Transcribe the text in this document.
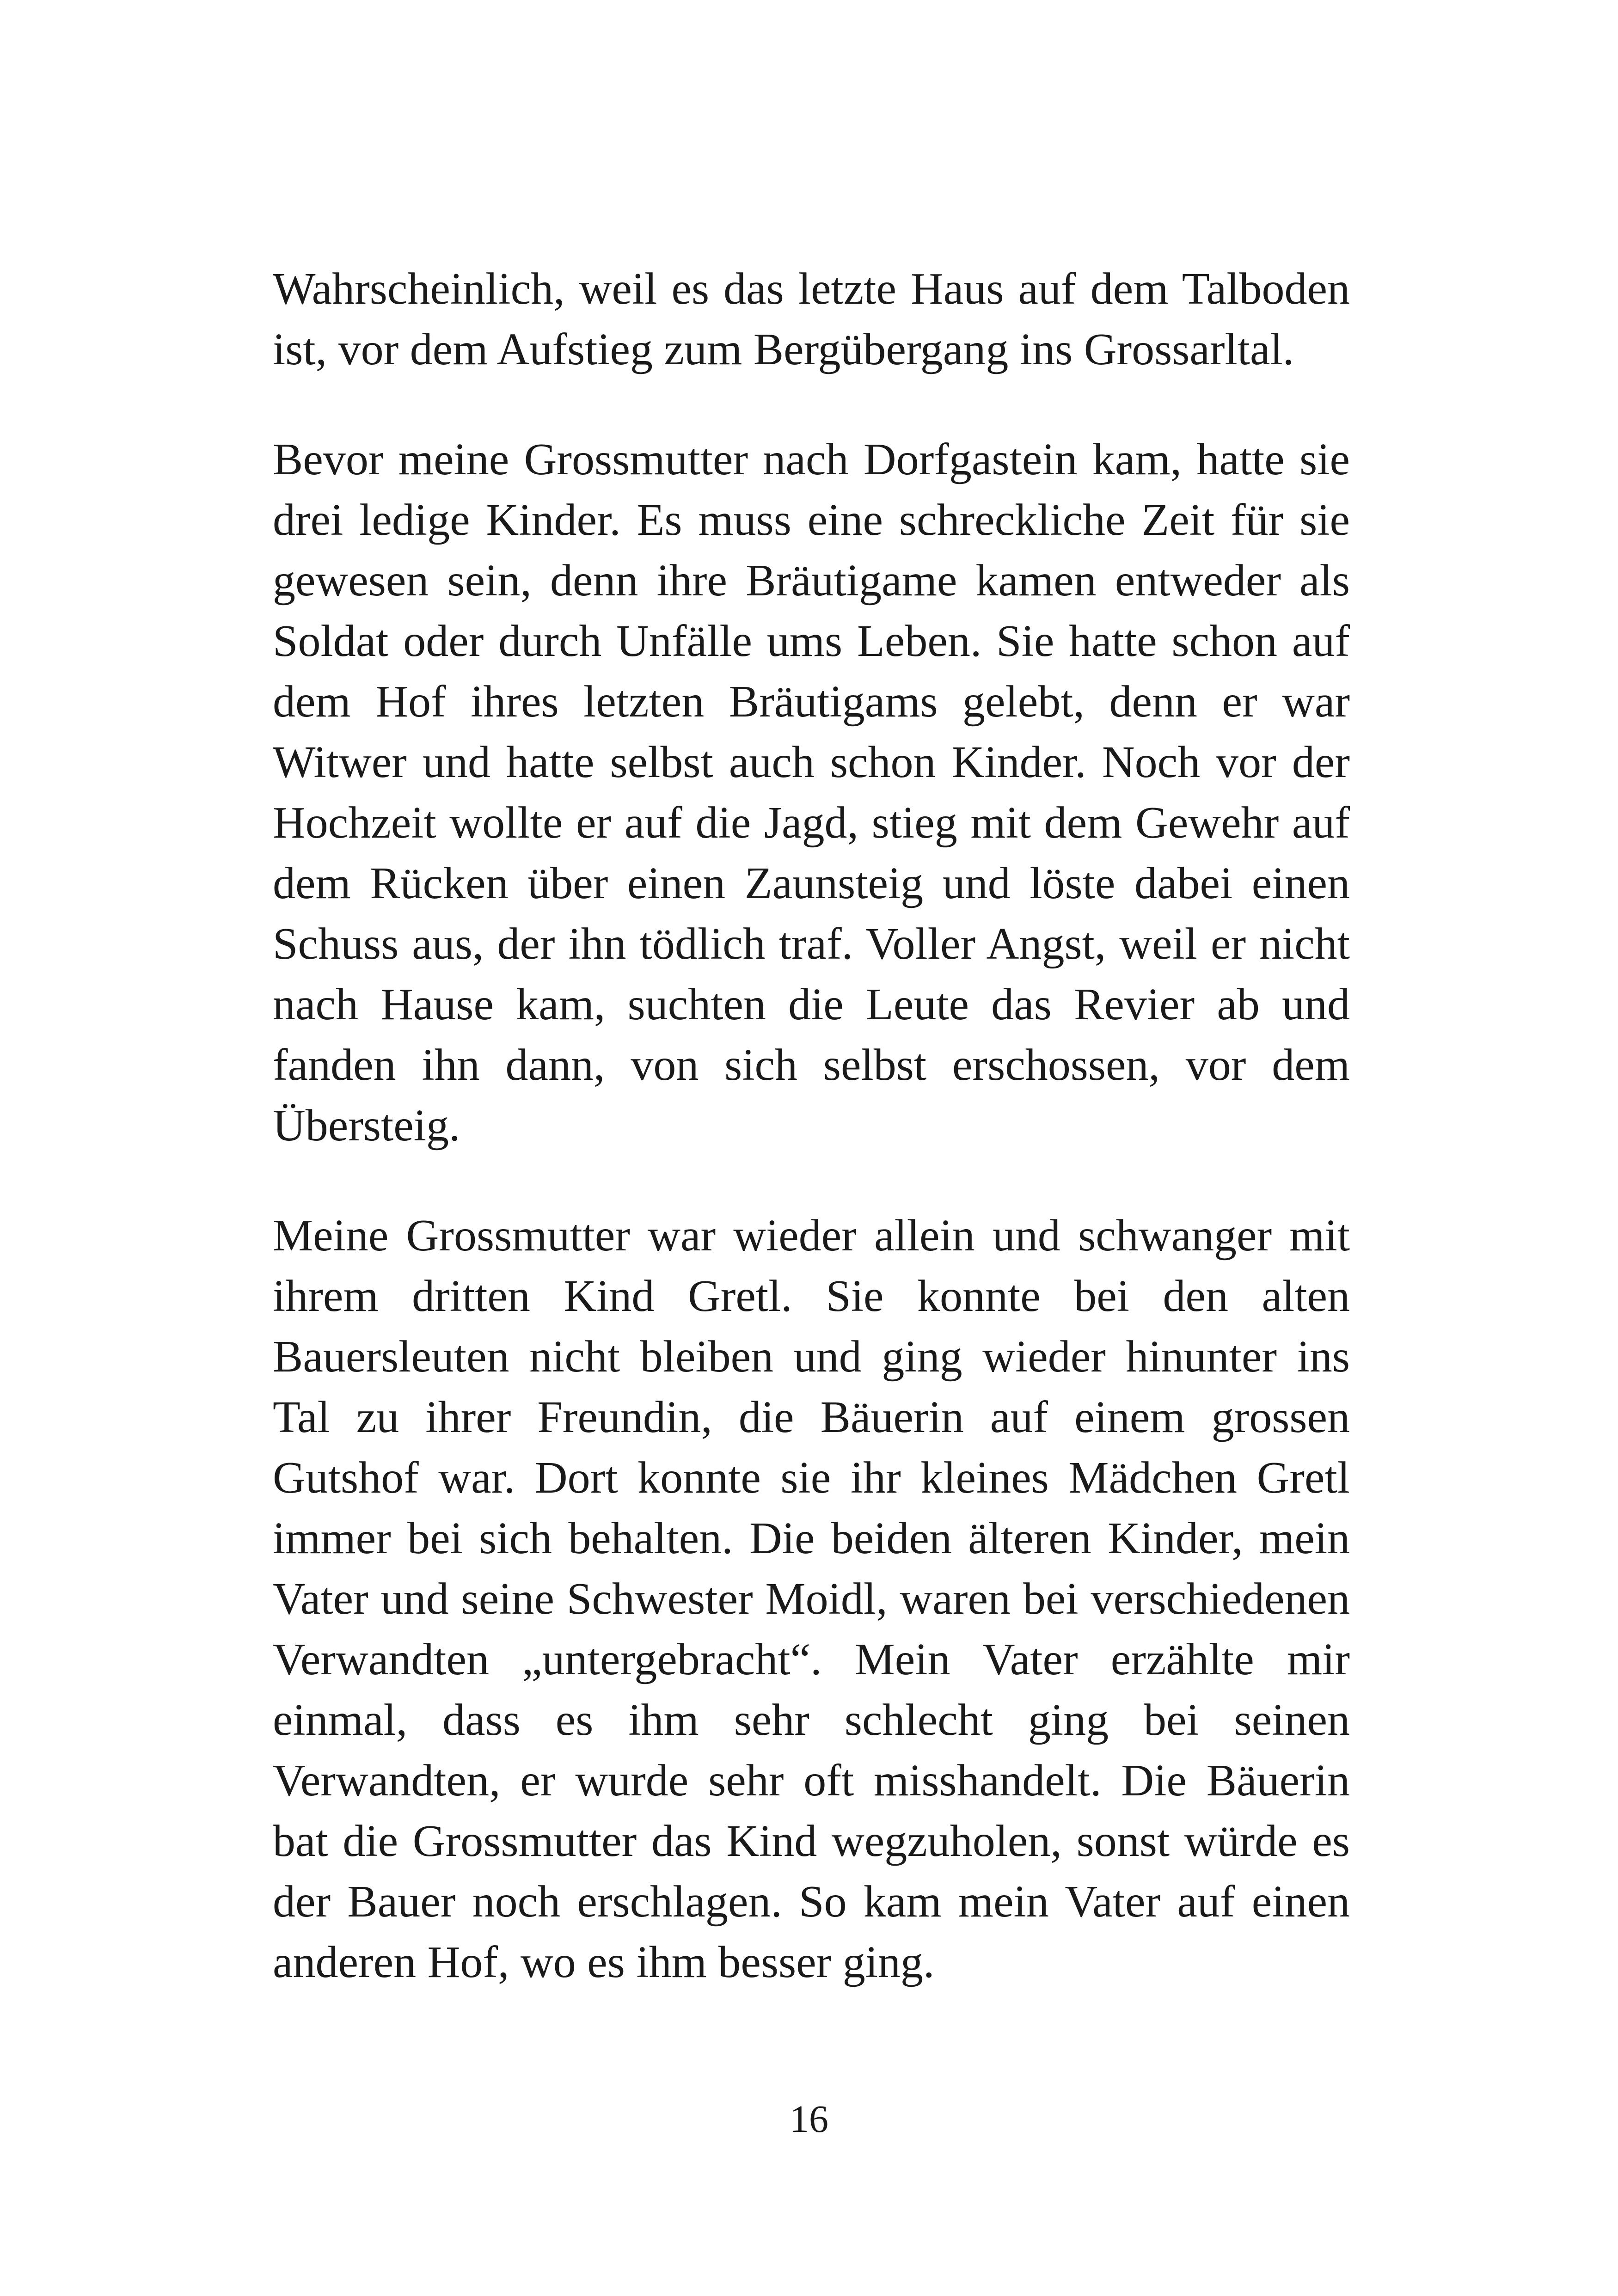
Wahrscheinlich, weil es das letzte Haus auf dem Talboden ist, vor dem Aufstieg zum Bergübergang ins Grossarltal.

Bevor meine Grossmutter nach Dorfgastein kam, hatte sie drei ledige Kinder. Es muss eine schreckliche Zeit für sie gewesen sein, denn ihre Bräutigame kamen entweder als Soldat oder durch Unfälle ums Leben. Sie hatte schon auf dem Hof ihres letzten Bräutigams gelebt, denn er war Witwer und hatte selbst auch schon Kinder. Noch vor der Hochzeit wollte er auf die Jagd, stieg mit dem Gewehr auf dem Rücken über einen Zaunsteig und löste dabei einen Schuss aus, der ihn tödlich traf. Voller Angst, weil er nicht nach Hause kam, suchten die Leute das Revier ab und fanden ihn dann, von sich selbst erschossen, vor dem Übersteig.

Meine Grossmutter war wieder allein und schwanger mit ihrem dritten Kind Gretl. Sie konnte bei den alten Bauersleuten nicht bleiben und ging wieder hinunter ins Tal zu ihrer Freundin, die Bäuerin auf einem grossen Gutshof war. Dort konnte sie ihr kleines Mädchen Gretl immer bei sich behalten. Die beiden älteren Kinder, mein Vater und seine Schwester Moidl, waren bei verschiedenen Verwandten „untergebracht“. Mein Vater erzählte mir einmal, dass es ihm sehr schlecht ging bei seinen Verwandten, er wurde sehr oft misshandelt. Die Bäuerin bat die Grossmutter das Kind wegzuholen, sonst würde es der Bauer noch erschlagen. So kam mein Vater auf einen anderen Hof, wo es ihm besser ging.

16
